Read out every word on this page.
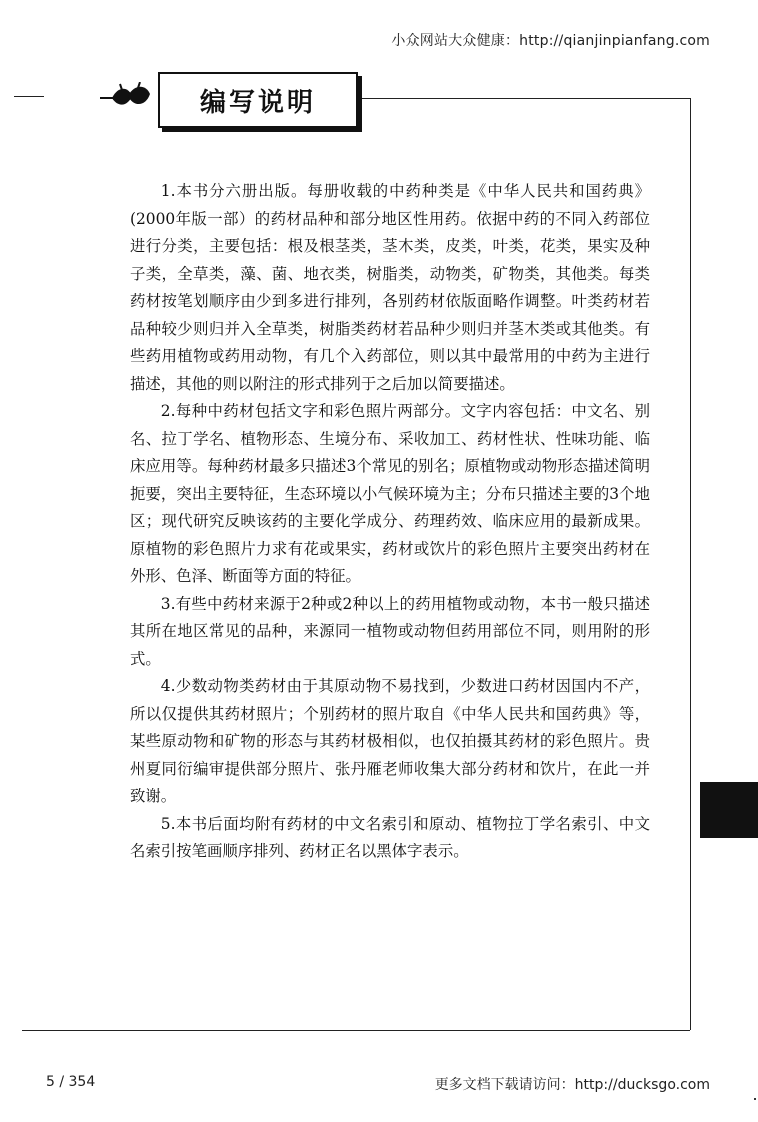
小众网站大众健康：http://qianjinpianfang.com
编写说明

1.本书分六册出版。每册收载的中药种类是《中华人民共和国药典》(2000年版一部）的药材品种和部分地区性用药。依据中药的不同入药部位进行分类，主要包括：根及根茎类，茎木类，皮类，叶类，花类，果实及种子类，全草类，藻、菌、地衣类，树脂类，动物类，矿物类，其他类。每类药材按笔划顺序由少到多进行排列，各别药材依版面略作调整。叶类药材若品种较少则归并入全草类，树脂类药材若品种少则归并茎木类或其他类。有些药用植物或药用动物，有几个入药部位，则以其中最常用的中药为主进行描述，其他的则以附注的形式排列于之后加以简要描述。

2.每种中药材包括文字和彩色照片两部分。文字内容包括：中文名、别名、拉丁学名、植物形态、生境分布、采收加工、药材性状、性味功能、临床应用等。每种药材最多只描述3个常见的别名；原植物或动物形态描述简明扼要，突出主要特征，生态环境以小气候环境为主；分布只描述主要的3个地区；现代研究反映该药的主要化学成分、药理药效、临床应用的最新成果。原植物的彩色照片力求有花或果实，药材或饮片的彩色照片主要突出药材在外形、色泽、断面等方面的特征。

3.有些中药材来源于2种或2种以上的药用植物或动物，本书一般只描述其所在地区常见的品种，来源同一植物或动物但药用部位不同，则用附的形式。

4.少数动物类药材由于其原动物不易找到，少数进口药材因国内不产，所以仅提供其药材照片；个别药材的照片取自《中华人民共和国药典》等，某些原动物和矿物的形态与其药材极相似，也仅拍摄其药材的彩色照片。贵州夏同衍编审提供部分照片、张丹雁老师收集大部分药材和饮片，在此一并致谢。

5.本书后面均附有药材的中文名索引和原动、植物拉丁学名索引、中文名索引按笔画顺序排列、药材正名以黑体字表示。

5 / 354	更多文档下载请访问：http://ducksgo.com
